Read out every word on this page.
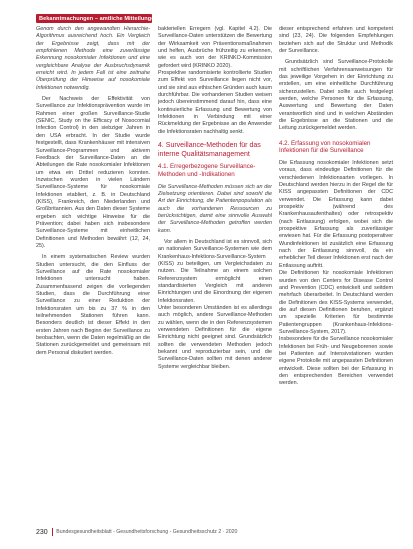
Bekanntmachungen – amtliche Mitteilungen

Genom durch den angewandten Hierarchie-Algorithmus ausreichend hoch. Ein Vergleich der Ergebnisse zeigt, dass mit der empfohlenen Methode eine zuverlässige Erkennung nosokomialer Infektionen und eine vergleichbare Analyse der Ausbruchsdynamik erreicht wird. In jedem Fall ist eine zeitnahe Überprüfung der Hinweise auf nosokomiale Infektionen notwendig.

Der Nachweis der Effektivität von Surveillance zur Infektionsprävention wurde im Rahmen einer großen Surveillance-Studie (SENIC, Study on the Efficacy of Nosocomial Infection Control) in den siebziger Jahren in den USA erbracht. In der Studie wurde festgestellt, dass Krankenhäuser mit intensiven Surveillance-Programmen und aktivem Feedback der Surveillance-Daten an die Abteilungen die Rate nosokomialer Infektionen um etwa ein Drittel reduzieren konnten. Inzwischen wurden in vielen Ländern Surveillance-Systeme für nosokomiale Infektionen etabliert, z. B. in Deutschland (KISS), Frankreich, den Niederlanden und Großbritannien. Aus den Daten dieser Systeme ergeben sich wichtige Hinweise für die Prävention; dabei haben sich insbesondere Surveillance-Systeme mit einheitlichen Definitionen und Methoden bewährt (12, 24, 25).

In einem systematischen Review wurden Studien untersucht, die den Einfluss der Surveillance auf die Rate nosokomialer Infektionen untersucht haben. Zusammenfassend zeigen die vorliegenden Studien, dass die Durchführung einer Surveillance zu einer Reduktion der Infektionsraten um bis zu 37 % in den teilnehmenden Stationen führen kann. Besonders deutlich ist dieser Effekt in den ersten Jahren nach Beginn der Surveillance zu beobachten, wenn die Daten regelmäßig an die Stationen zurückgemeldet und gemeinsam mit dem Personal diskutiert werden.

bakteriellen Erregern (vgl. Kapitel 4.2). Die Surveillance-Daten unterstützen die Bewertung der Wirksamkeit von Präventionsmaßnahmen und helfen, Ausbrüche frühzeitig zu erkennen, wie es auch von der KRINKO-Kommission gefordert wird (KRINKO 2020).

Prospektive randomisierte kontrollierte Studien zum Effekt von Surveillance liegen nicht vor, und sie sind aus ethischen Gründen auch kaum durchführbar. Die vorhandenen Studien weisen jedoch übereinstimmend darauf hin, dass eine kontinuierliche Erfassung und Bewertung von Infektionen in Verbindung mit einer Rückmeldung der Ergebnisse an die Anwender die Infektionsraten nachhaltig senkt.

4. Surveillance-Methoden für das interne Qualitätsmanagement
4.1. Erregerbezogene Surveillance-Methoden und -Indikationen

Die Surveillance-Methoden müssen sich an der Zielsetzung orientieren. Dabei sind sowohl die Art der Einrichtung, die Patientenpopulation als auch die vorhandenen Ressourcen zu berücksichtigen, damit eine sinnvolle Auswahl der Surveillance-Methoden getroffen werden kann.

Vor allem in Deutschland ist es sinnvoll, sich an nationalen Surveillance-Systemen wie dem Krankenhaus-Infektions-Surveillance-System (KISS) zu beteiligen, um Vergleichsdaten zu nutzen. Die Teilnahme an einem solchen Referenzsystem ermöglicht einen standardisierten Vergleich mit anderen Einrichtungen und die Einordnung der eigenen Infektionsraten.

Unter besonderen Umständen ist es allerdings auch möglich, andere Surveillance-Methoden zu wählen, wenn die in den Referenzsystemen verwendeten Definitionen für die eigene Einrichtung nicht geeignet sind. Grundsätzlich sollten die verwendeten Methoden jedoch bekannt und reproduzierbar sein, und die Surveillance-Daten sollten mit denen anderer Systeme vergleichbar bleiben.

dieser entsprechend erfahren und kompetent sind (23, 24). Die folgenden Empfehlungen beziehen sich auf die Struktur und Methodik der Surveillance.

Grundsätzlich sind Surveillance-Protokolle mit schriftlichen Verfahrensanweisungen für das jeweilige Vorgehen in der Einrichtung zu erstellen, um eine einheitliche Durchführung sicherzustellen. Dabei sollte auch festgelegt werden, welche Personen für die Erfassung, Auswertung und Bewertung der Daten verantwortlich sind und in welchen Abständen die Ergebnisse an die Stationen und die Leitung zurückgemeldet werden.

4.2. Erfassung von nosokomialen Infektionen für die Surveillance

Die Erfassung nosokomialer Infektionen setzt voraus, dass eindeutige Definitionen für die verschiedenen Infektionsarten vorliegen. In Deutschland werden hierzu in der Regel die für KISS angepassten Definitionen der CDC verwendet. Die Erfassung kann dabei prospektiv (während des Krankenhausaufenthaltes) oder retrospektiv (nach Entlassung) erfolgen, wobei sich die prospektive Erfassung als zuverlässiger erwiesen hat. Für die Erfassung postoperativer Wundinfektionen ist zusätzlich eine Erfassung nach der Entlassung sinnvoll, da ein erheblicher Teil dieser Infektionen erst nach der Entlassung auftritt.

Die Definitionen für nosokomiale Infektionen wurden von den Centers for Disease Control and Prevention (CDC) entwickelt und seitdem mehrfach überarbeitet. In Deutschland werden die Definitionen des KISS-Systems verwendet, die auf diesen Definitionen beruhen, ergänzt um spezielle Kriterien für bestimmte Patientengruppen (Krankenhaus-Infektions-Surveillance-System, 2017).

Insbesondere für die Surveillance nosokomialer Infektionen bei Früh- und Neugeborenen sowie bei Patienten auf Intensivstationen wurden eigene Protokolle mit angepassten Definitionen entwickelt. Diese sollten bei der Erfassung in den entsprechenden Bereichen verwendet werden.

230 Bundesgesundheitsblatt - Gesundheitsforschung - Gesundheitsschutz 2 · 2020
